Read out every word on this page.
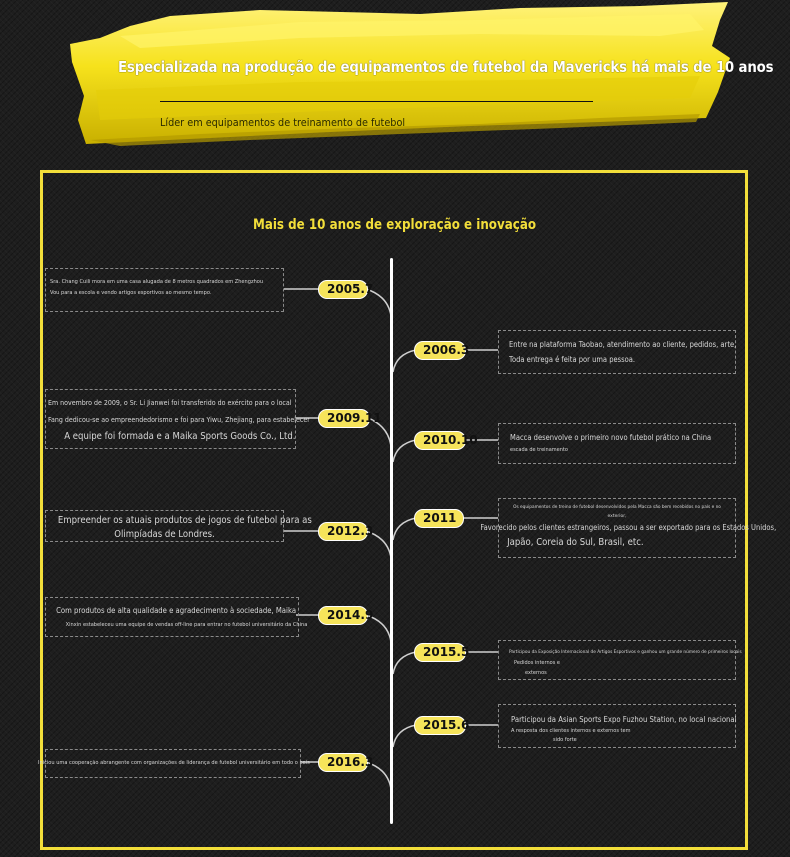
Especializada na produção de equipamentos de futebol da Mavericks há mais de 10 anos
Líder em equipamentos de treinamento de futebol
Mais de 10 anos de exploração e inovação
2005.7
2006.3
2009.11
2010.10
2011
2012.3
2014.9
2015.5
2015.6
2016.3

Sra. Chang Cuili mora em uma casa alugada de 8 metros quadrados em Zhengzhou

Vou para a escola e vendo artigos esportivos ao mesmo tempo.

Entre na plataforma Taobao, atendimento ao cliente, pedidos, arte,

Toda entrega é feita por uma pessoa.

Em novembro de 2009, o Sr. Li Jianwei foi transferido do exército para o local

Fang dedicou-se ao empreendedorismo e foi para Yiwu, Zhejiang, para estabelecer

A equipe foi formada e a Maika Sports Goods Co., Ltd.	Macca desenvolve o primeiro novo futebol prático na China

escada de treinamento

Os equipamentos de treino de futebol desenvolvidos pela Macca são bem recebidos no país e no

exterior,

Favorecido pelos clientes estrangeiros, passou a ser exportado para os Estados Unidos,

Japão, Coreia do Sul, Brasil, etc.

Empreender os atuais produtos de jogos de futebol para as

Olimpíadas de Londres.

Com produtos de alta qualidade e agradecimento à sociedade, Maika

Xinxin estabeleceu uma equipe de vendas off-line para entrar no futebol universitário da China

Participou da Exposição Internacional de Artigos Esportivos e ganhou um grande número de primeiros locais

Pedidos internos e

externos

Participou da Asian Sports Expo Fuzhou Station, no local nacional

A resposta dos clientes internos e externos tem

sido forte

Iniciou uma cooperação abrangente com organizações de liderança de futebol universitário em todo o país
